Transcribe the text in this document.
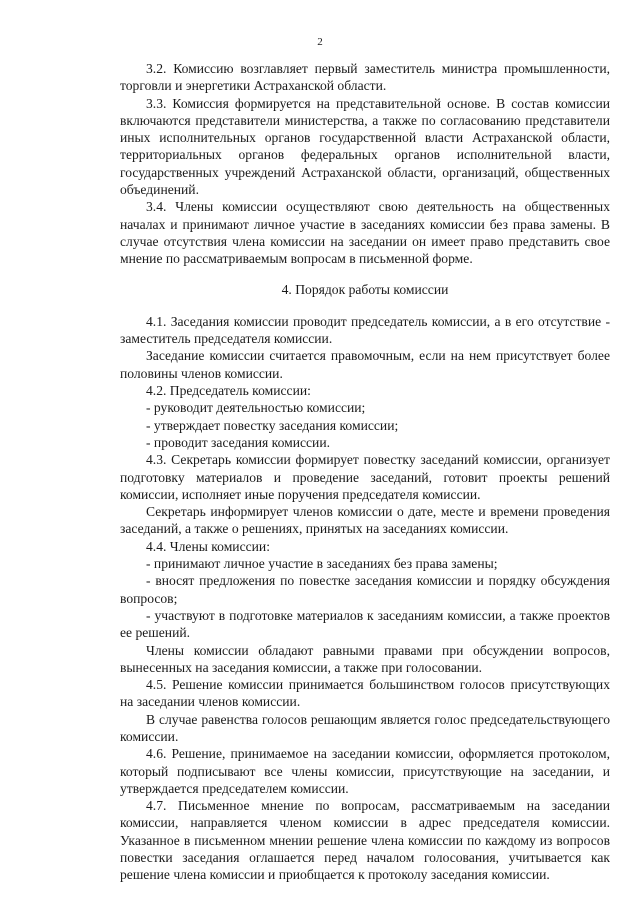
2

3.2. Комиссию возглавляет первый заместитель министра промышленности, торговли и энергетики Астраханской области.

3.3. Комиссия формируется на представительной основе. В состав комиссии включаются представители министерства, а также по согласованию представители иных исполнительных органов государственной власти Астраханской области, территориальных органов федеральных органов исполнительной власти, государственных учреждений Астраханской области, организаций, общественных объединений.

3.4. Члены комиссии осуществляют свою деятельность на общественных началах и принимают личное участие в заседаниях комиссии без права замены. В случае отсутствия члена комиссии на заседании он имеет право представить свое мнение по рассматриваемым вопросам в письменной форме.

4. Порядок работы комиссии

4.1. Заседания комиссии проводит председатель комиссии, а в его отсутствие - заместитель председателя комиссии.

Заседание комиссии считается правомочным, если на нем присутствует более половины членов комиссии.

4.2. Председатель комиссии:

- руководит деятельностью комиссии;

- утверждает повестку заседания комиссии;

- проводит заседания комиссии.

4.3. Секретарь комиссии формирует повестку заседаний комиссии, организует подготовку материалов и проведение заседаний, готовит проекты решений комиссии, исполняет иные поручения председателя комиссии.

Секретарь информирует членов комиссии о дате, месте и времени проведения заседаний, а также о решениях, принятых на заседаниях комиссии.

4.4. Члены комиссии:

- принимают личное участие в заседаниях без права замены;

- вносят предложения по повестке заседания комиссии и порядку обсуждения вопросов;

- участвуют в подготовке материалов к заседаниям комиссии, а также проектов ее решений.

Члены комиссии обладают равными правами при обсуждении вопросов, вынесенных на заседания комиссии, а также при голосовании.

4.5. Решение комиссии принимается большинством голосов присутствующих на заседании членов комиссии.

В случае равенства голосов решающим является голос председательствующего комиссии.

4.6. Решение, принимаемое на заседании комиссии, оформляется протоколом, который подписывают все члены комиссии, присутствующие на заседании, и утверждается председателем комиссии.

4.7. Письменное мнение по вопросам, рассматриваемым на заседании комиссии, направляется членом комиссии в адрес председателя комиссии. Указанное в письменном мнении решение члена комиссии по каждому из вопросов повестки заседания оглашается перед началом голосования, учитывается как решение члена комиссии и приобщается к протоколу заседания комиссии.
